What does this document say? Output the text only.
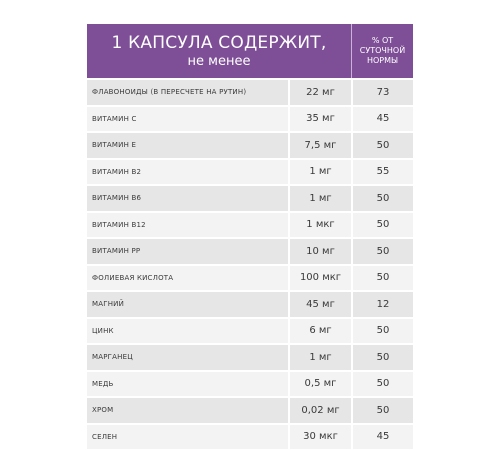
1 КАПСУЛА СОДЕРЖИТ,
не менее
% ОТ СУТОЧНОЙ НОРМЫ
ФЛАВОНОИДЫ (В ПЕРЕСЧЕТЕ НА РУТИН)	22 мг	73
ВИТАМИН С	35 мг	45
ВИТАМИН Е	7,5 мг	50
ВИТАМИН В2	1 мг	55
ВИТАМИН В6	1 мг	50
ВИТАМИН В12	1 мкг	50
ВИТАМИН РР	10 мг	50
ФОЛИЕВАЯ КИСЛОТА	100 мкг	50
МАГНИЙ	45 мг	12
ЦИНК	6 мг	50
МАРГАНЕЦ	1 мг	50
МЕДЬ	0,5 мг	50
ХРОМ	0,02 мг	50
СЕЛЕН	30 мкг	45
